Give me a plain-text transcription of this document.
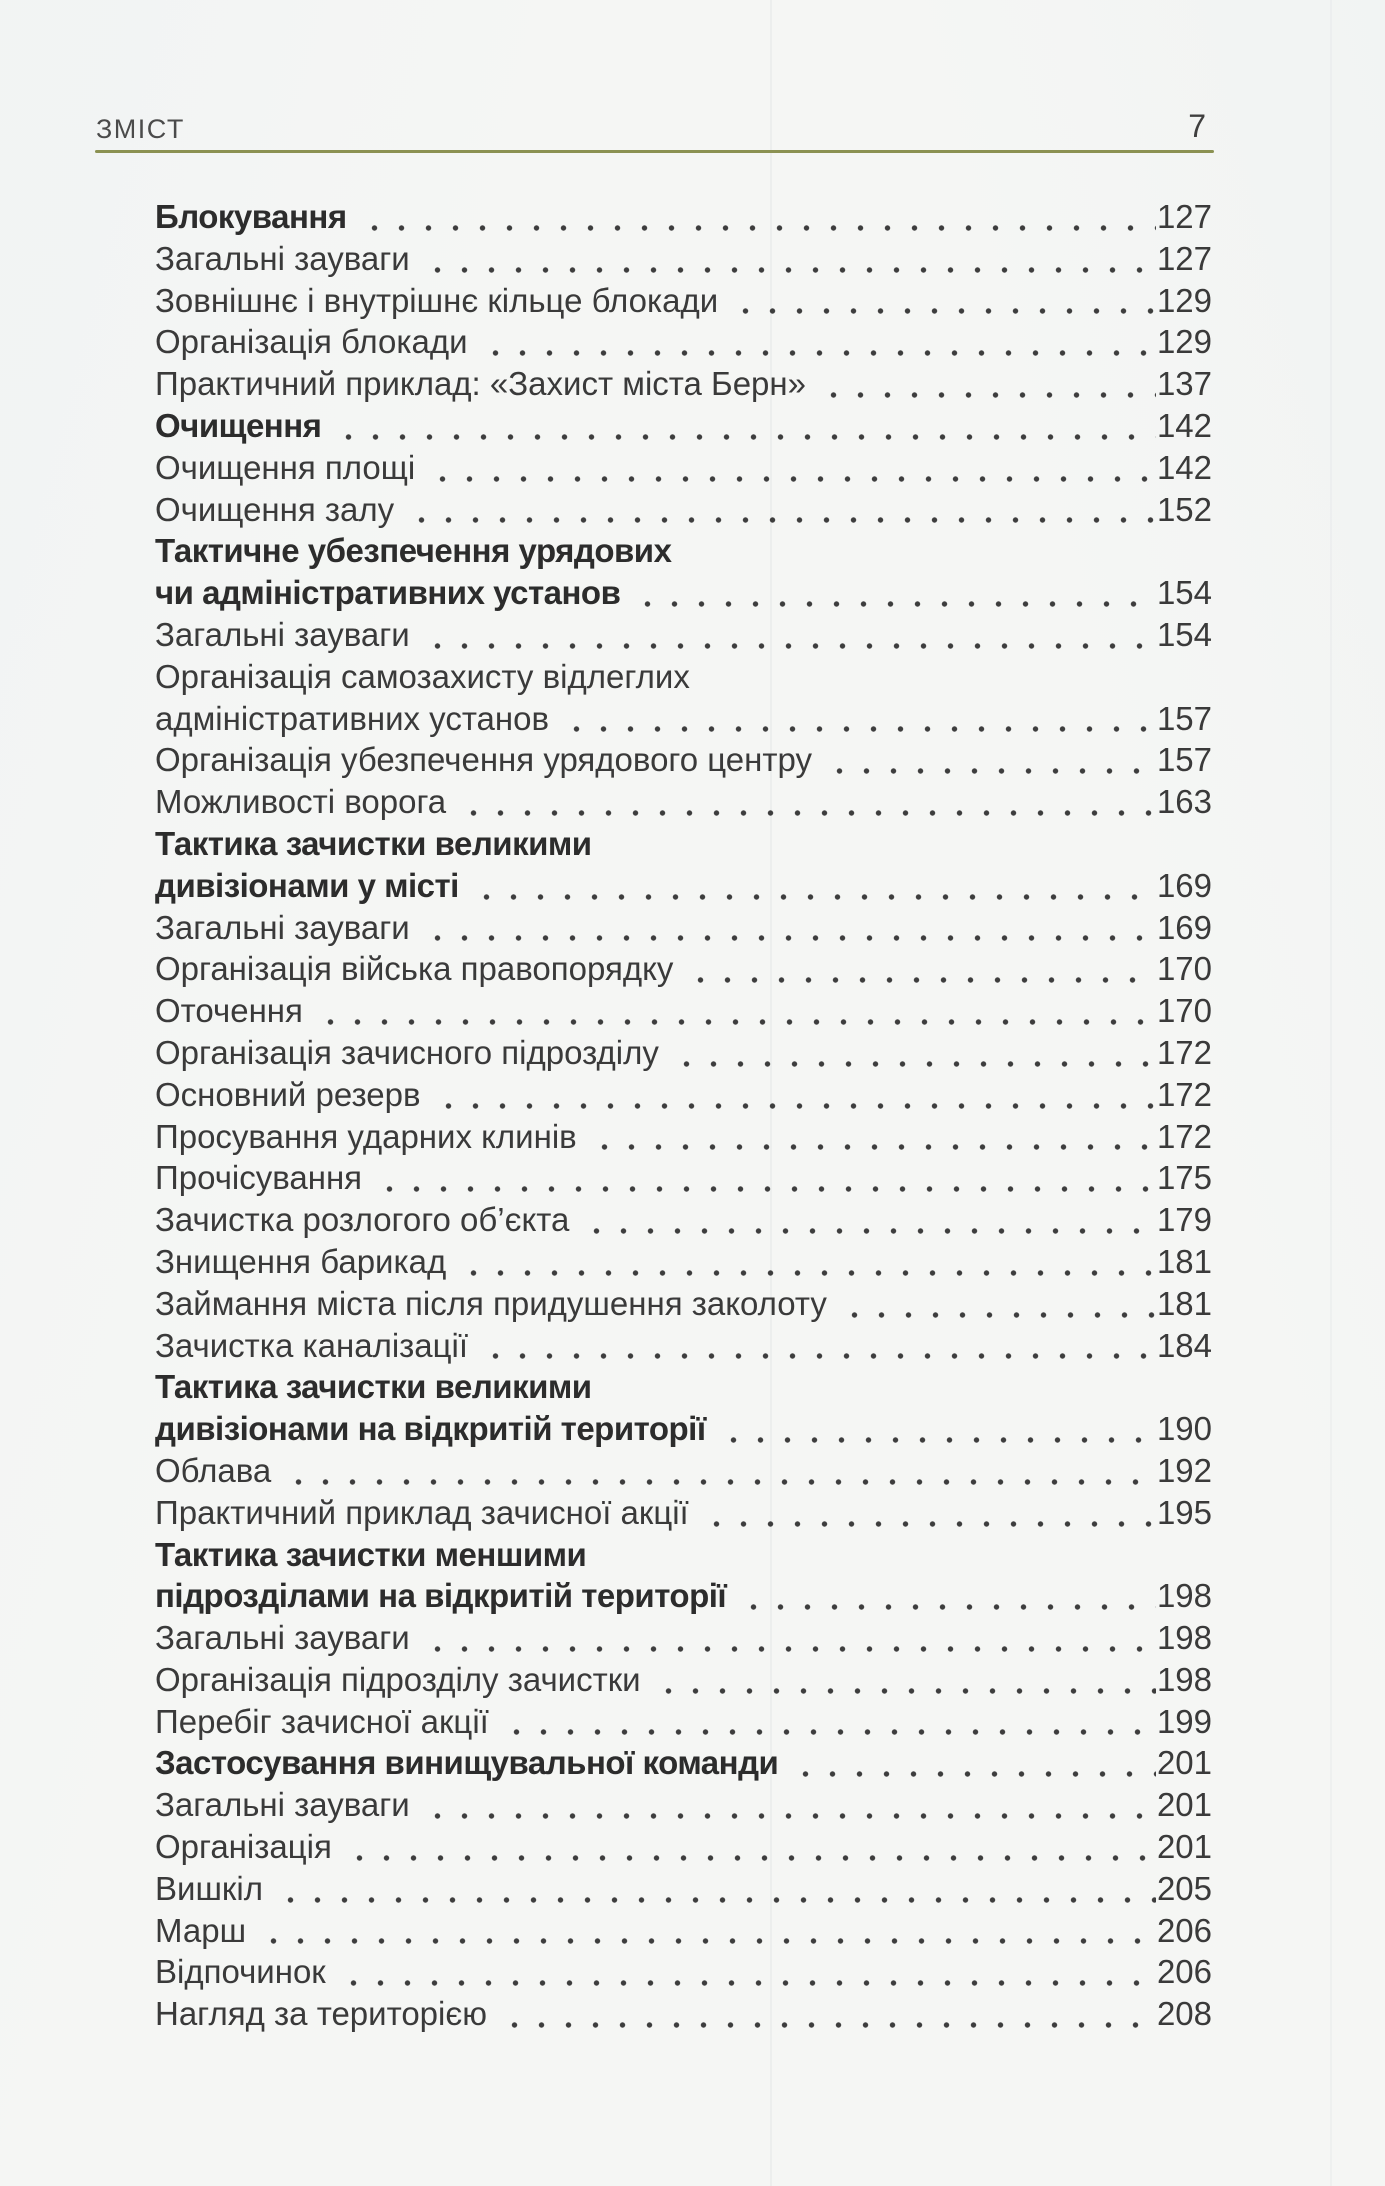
ЗМІСТ	7
Блокування	127
Загальні зауваги	127
Зовнішнє і внутрішнє кільце блокади	129
Організація блокади	129
Практичний приклад: «Захист міста Берн»	137
Очищення	142
Очищення площі	142
Очищення залу	152
Тактичне убезпечення урядових
чи адміністративних установ	154
Загальні зауваги	154
Організація самозахисту відлеглих
адміністративних установ	157
Організація убезпечення урядового центру	157
Можливості ворога	163
Тактика зачистки великими
дивізіонами у місті	169
Загальні зауваги	169
Організація війська правопорядку	170
Оточення	170
Організація зачисного підрозділу	172
Основний резерв	172
Просування ударних клинів	172
Прочісування	175
Зачистка розлогого об’єкта	179
Знищення барикад	181
Займання міста після придушення заколоту	181
Зачистка каналізації	184
Тактика зачистки великими
дивізіонами на відкритій території	190
Облава	192
Практичний приклад зачисної акції	195
Тактика зачистки меншими
підрозділами на відкритій території	198
Загальні зауваги	198
Організація підрозділу зачистки	198
Перебіг зачисної акції	199
Застосування винищувальної команди	201
Загальні зауваги	201
Організація	201
Вишкіл	205
Марш	206
Відпочинок	206
Нагляд за територією	208
